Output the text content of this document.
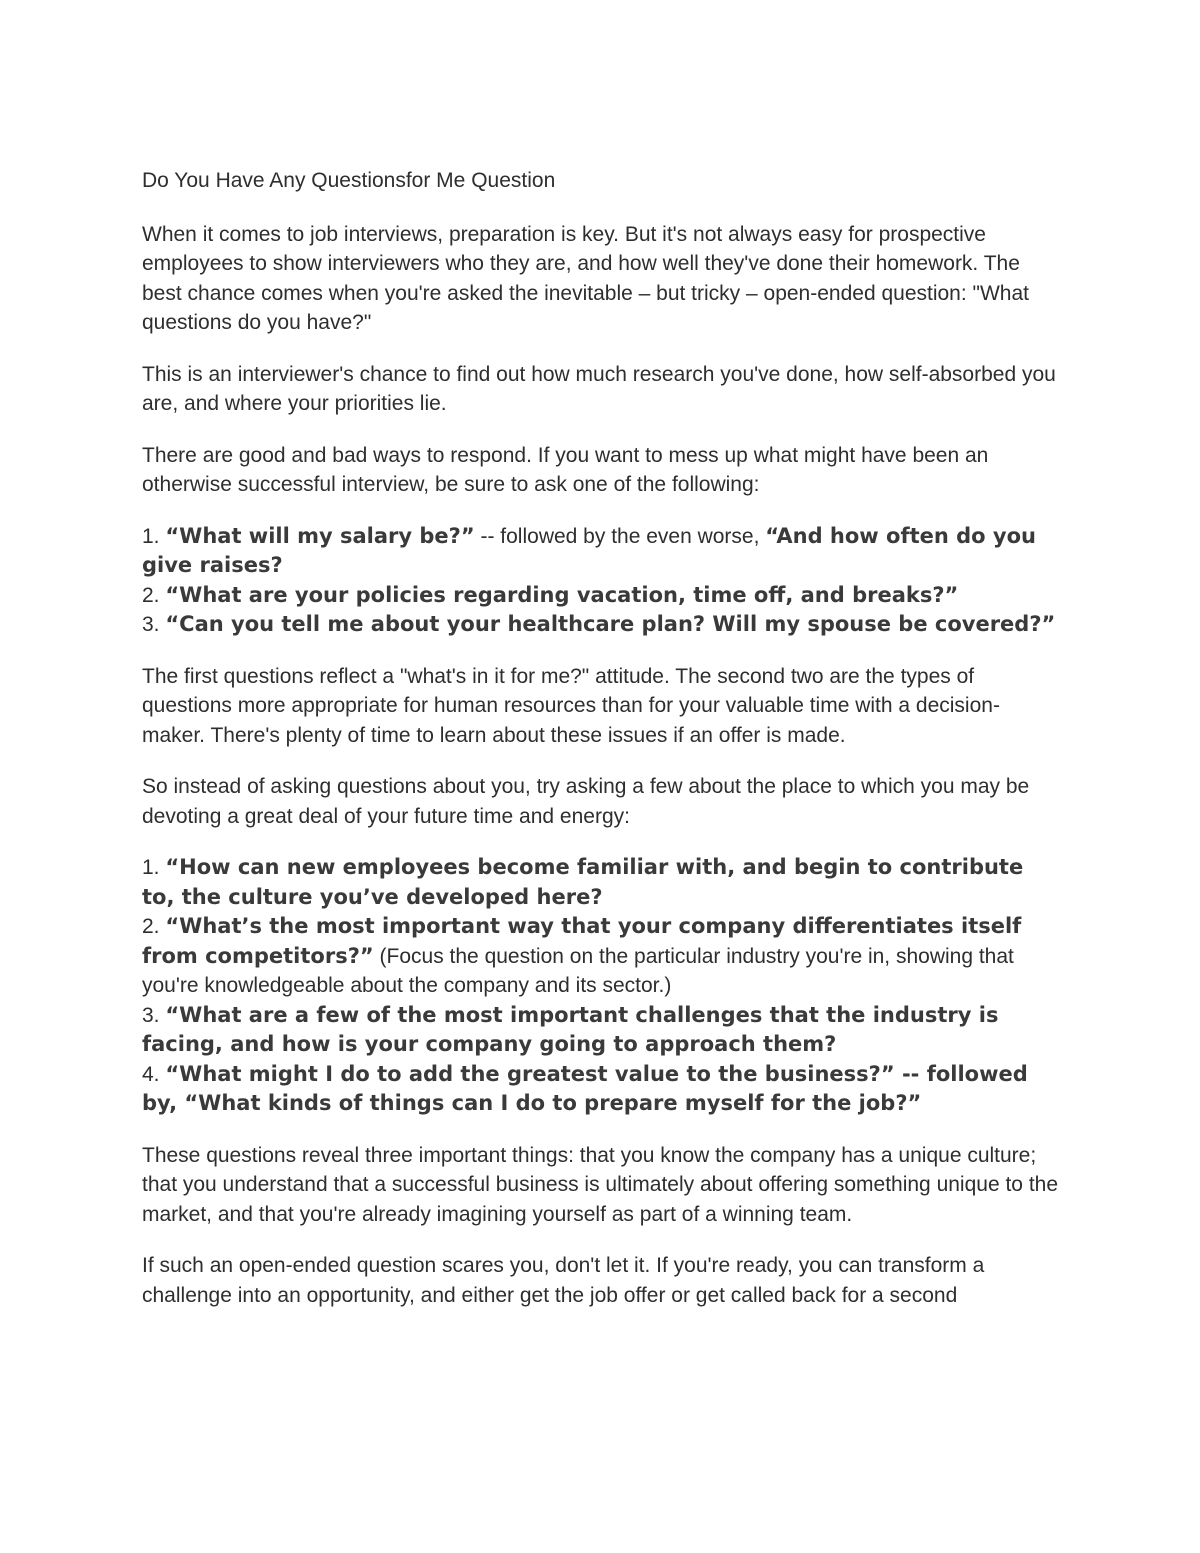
Do You Have Any Questionsfor Me Question

When it comes to job interviews, preparation is key. But it's not always easy for prospective employees to show interviewers who they are, and how well they've done their homework. The best chance comes when you're asked the inevitable – but tricky – open-ended question: "What questions do you have?"

This is an interviewer's chance to find out how much research you've done, how self-absorbed you are, and where your priorities lie.

There are good and bad ways to respond. If you want to mess up what might have been an otherwise successful interview, be sure to ask one of the following:

1. “What will my salary be?” -- followed by the even worse, “And how often do you give raises?
2. “What are your policies regarding vacation, time off, and breaks?”
3. “Can you tell me about your healthcare plan? Will my spouse be covered?”

The first questions reflect a "what's in it for me?" attitude. The second two are the types of questions more appropriate for human resources than for your valuable time with a decision-maker. There's plenty of time to learn about these issues if an offer is made.

So instead of asking questions about you, try asking a few about the place to which you may be devoting a great deal of your future time and energy:

1. “How can new employees become familiar with, and begin to contribute to, the culture you’ve developed here?
2. “What’s the most important way that your company differentiates itself from competitors?” (Focus the question on the particular industry you're in, showing that you're knowledgeable about the company and its sector.)
3. “What are a few of the most important challenges that the industry is facing, and how is your company going to approach them?
4. “What might I do to add the greatest value to the business?” -- followed by, “What kinds of things can I do to prepare myself for the job?”

These questions reveal three important things: that you know the company has a unique culture; that you understand that a successful business is ultimately about offering something unique to the market, and that you're already imagining yourself as part of a winning team.

If such an open-ended question scares you, don't let it. If you're ready, you can transform a challenge into an opportunity, and either get the job offer or get called back for a second
